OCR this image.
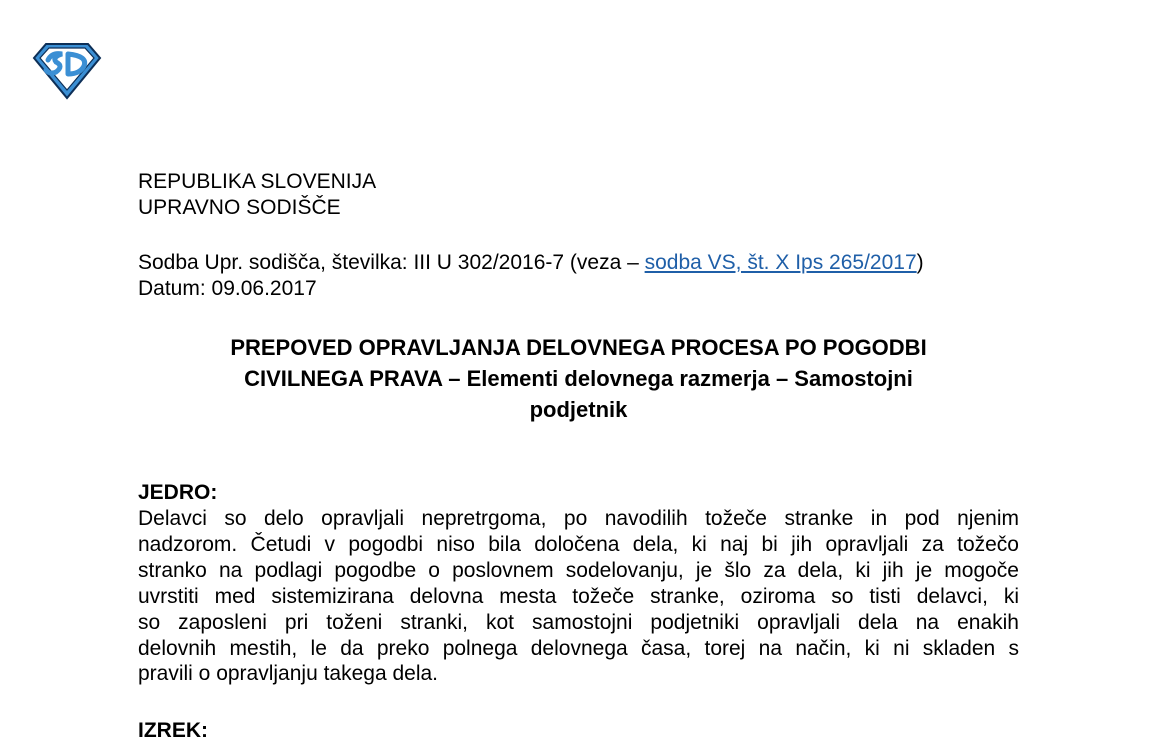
REPUBLIKA SLOVENIJA
UPRAVNO SODIŠČE
Sodba Upr. sodišča, številka: III U 302/2016-7 (veza – sodba VS, št. X Ips 265/2017)
Datum: 09.06.2017
PREPOVED OPRAVLJANJA DELOVNEGA PROCESA PO POGODBI
CIVILNEGA PRAVA – Elementi delovnega razmerja – Samostojni
podjetnik
JEDRO:
Delavci so delo opravljali nepretrgoma, po navodilih tožeče stranke in pod njenim
nadzorom. Četudi v pogodbi niso bila določena dela, ki naj bi jih opravljali za tožečo
stranko na podlagi pogodbe o poslovnem sodelovanju, je šlo za dela, ki jih je mogoče
uvrstiti med sistemizirana delovna mesta tožeče stranke, oziroma so tisti delavci, ki
so zaposleni pri toženi stranki, kot samostojni podjetniki opravljali dela na enakih
delovnih mestih, le da preko polnega delovnega časa, torej na način, ki ni skladen s
pravili o opravljanju takega dela.
IZREK:
